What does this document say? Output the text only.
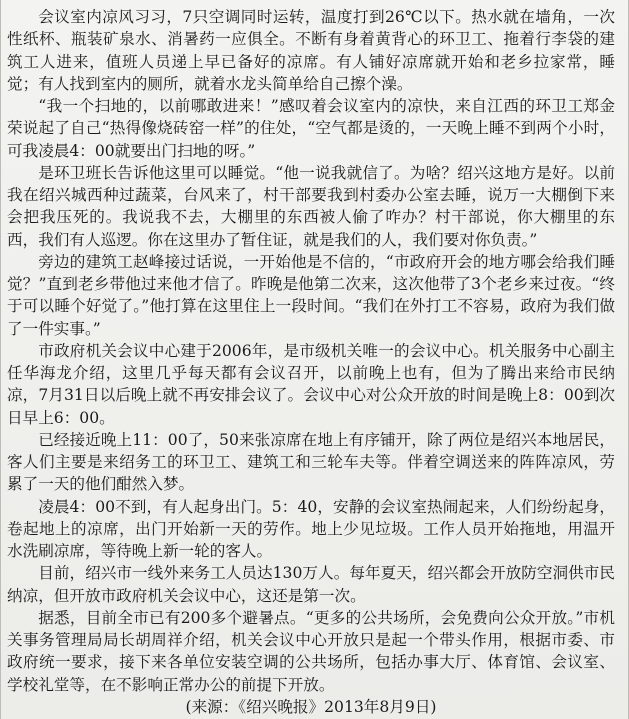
会议室内凉风习习，7只空调同时运转，温度打到26℃以下。热水就在墙角，一次性纸杯、瓶装矿泉水、消暑药一应俱全。不断有身着黄背心的环卫工、拖着行李袋的建筑工人进来，值班人员递上早已备好的凉席。有人铺好凉席就开始和老乡拉家常，睡觉；有人找到室内的厕所，就着水龙头简单给自己擦个澡。

“我一个扫地的，以前哪敢进来！”感叹着会议室内的凉快，来自江西的环卫工郑金荣说起了自己“热得像烧砖窑一样”的住处，“空气都是烫的，一天晚上睡不到两个小时，可我凌晨4：00就要出门扫地的呀。”

是环卫班长告诉他这里可以睡觉。“他一说我就信了。为啥？绍兴这地方是好。以前我在绍兴城西种过蔬菜，台风来了，村干部要我到村委办公室去睡，说万一大棚倒下来会把我压死的。我说我不去，大棚里的东西被人偷了咋办？村干部说，你大棚里的东西，我们有人巡逻。你在这里办了暂住证，就是我们的人，我们要对你负责。”

旁边的建筑工赵峰接过话说，一开始他是不信的，“市政府开会的地方哪会给我们睡觉？”直到老乡带他过来他才信了。昨晚是他第二次来，这次他带了3个老乡来过夜。“终于可以睡个好觉了。”他打算在这里住上一段时间。“我们在外打工不容易，政府为我们做了一件实事。”

市政府机关会议中心建于2006年，是市级机关唯一的会议中心。机关服务中心副主任华海龙介绍，这里几乎每天都有会议召开，以前晚上也有，但为了腾出来给市民纳凉，7月31日以后晚上就不再安排会议了。会议中心对公众开放的时间是晚上8：00到次日早上6：00。

已经接近晚上11：00了，50来张凉席在地上有序铺开，除了两位是绍兴本地居民，客人们主要是来绍务工的环卫工、建筑工和三轮车夫等。伴着空调送来的阵阵凉风，劳累了一天的他们酣然入梦。

凌晨4：00不到，有人起身出门。5：40，安静的会议室热闹起来，人们纷纷起身，卷起地上的凉席，出门开始新一天的劳作。地上少见垃圾。工作人员开始拖地，用温开水洗刷凉席，等待晚上新一轮的客人。

目前，绍兴市一线外来务工人员达130万人。每年夏天，绍兴都会开放防空洞供市民纳凉，但开放市政府机关会议中心，这还是第一次。

据悉，目前全市已有200多个避暑点。“更多的公共场所，会免费向公众开放。”市机关事务管理局局长胡周祥介绍，机关会议中心开放只是起一个带头作用，根据市委、市政府统一要求，接下来各单位安装空调的公共场所，包括办事大厅、体育馆、会议室、学校礼堂等，在不影响正常办公的前提下开放。

(来源：《绍兴晚报》2013年8月9日)
